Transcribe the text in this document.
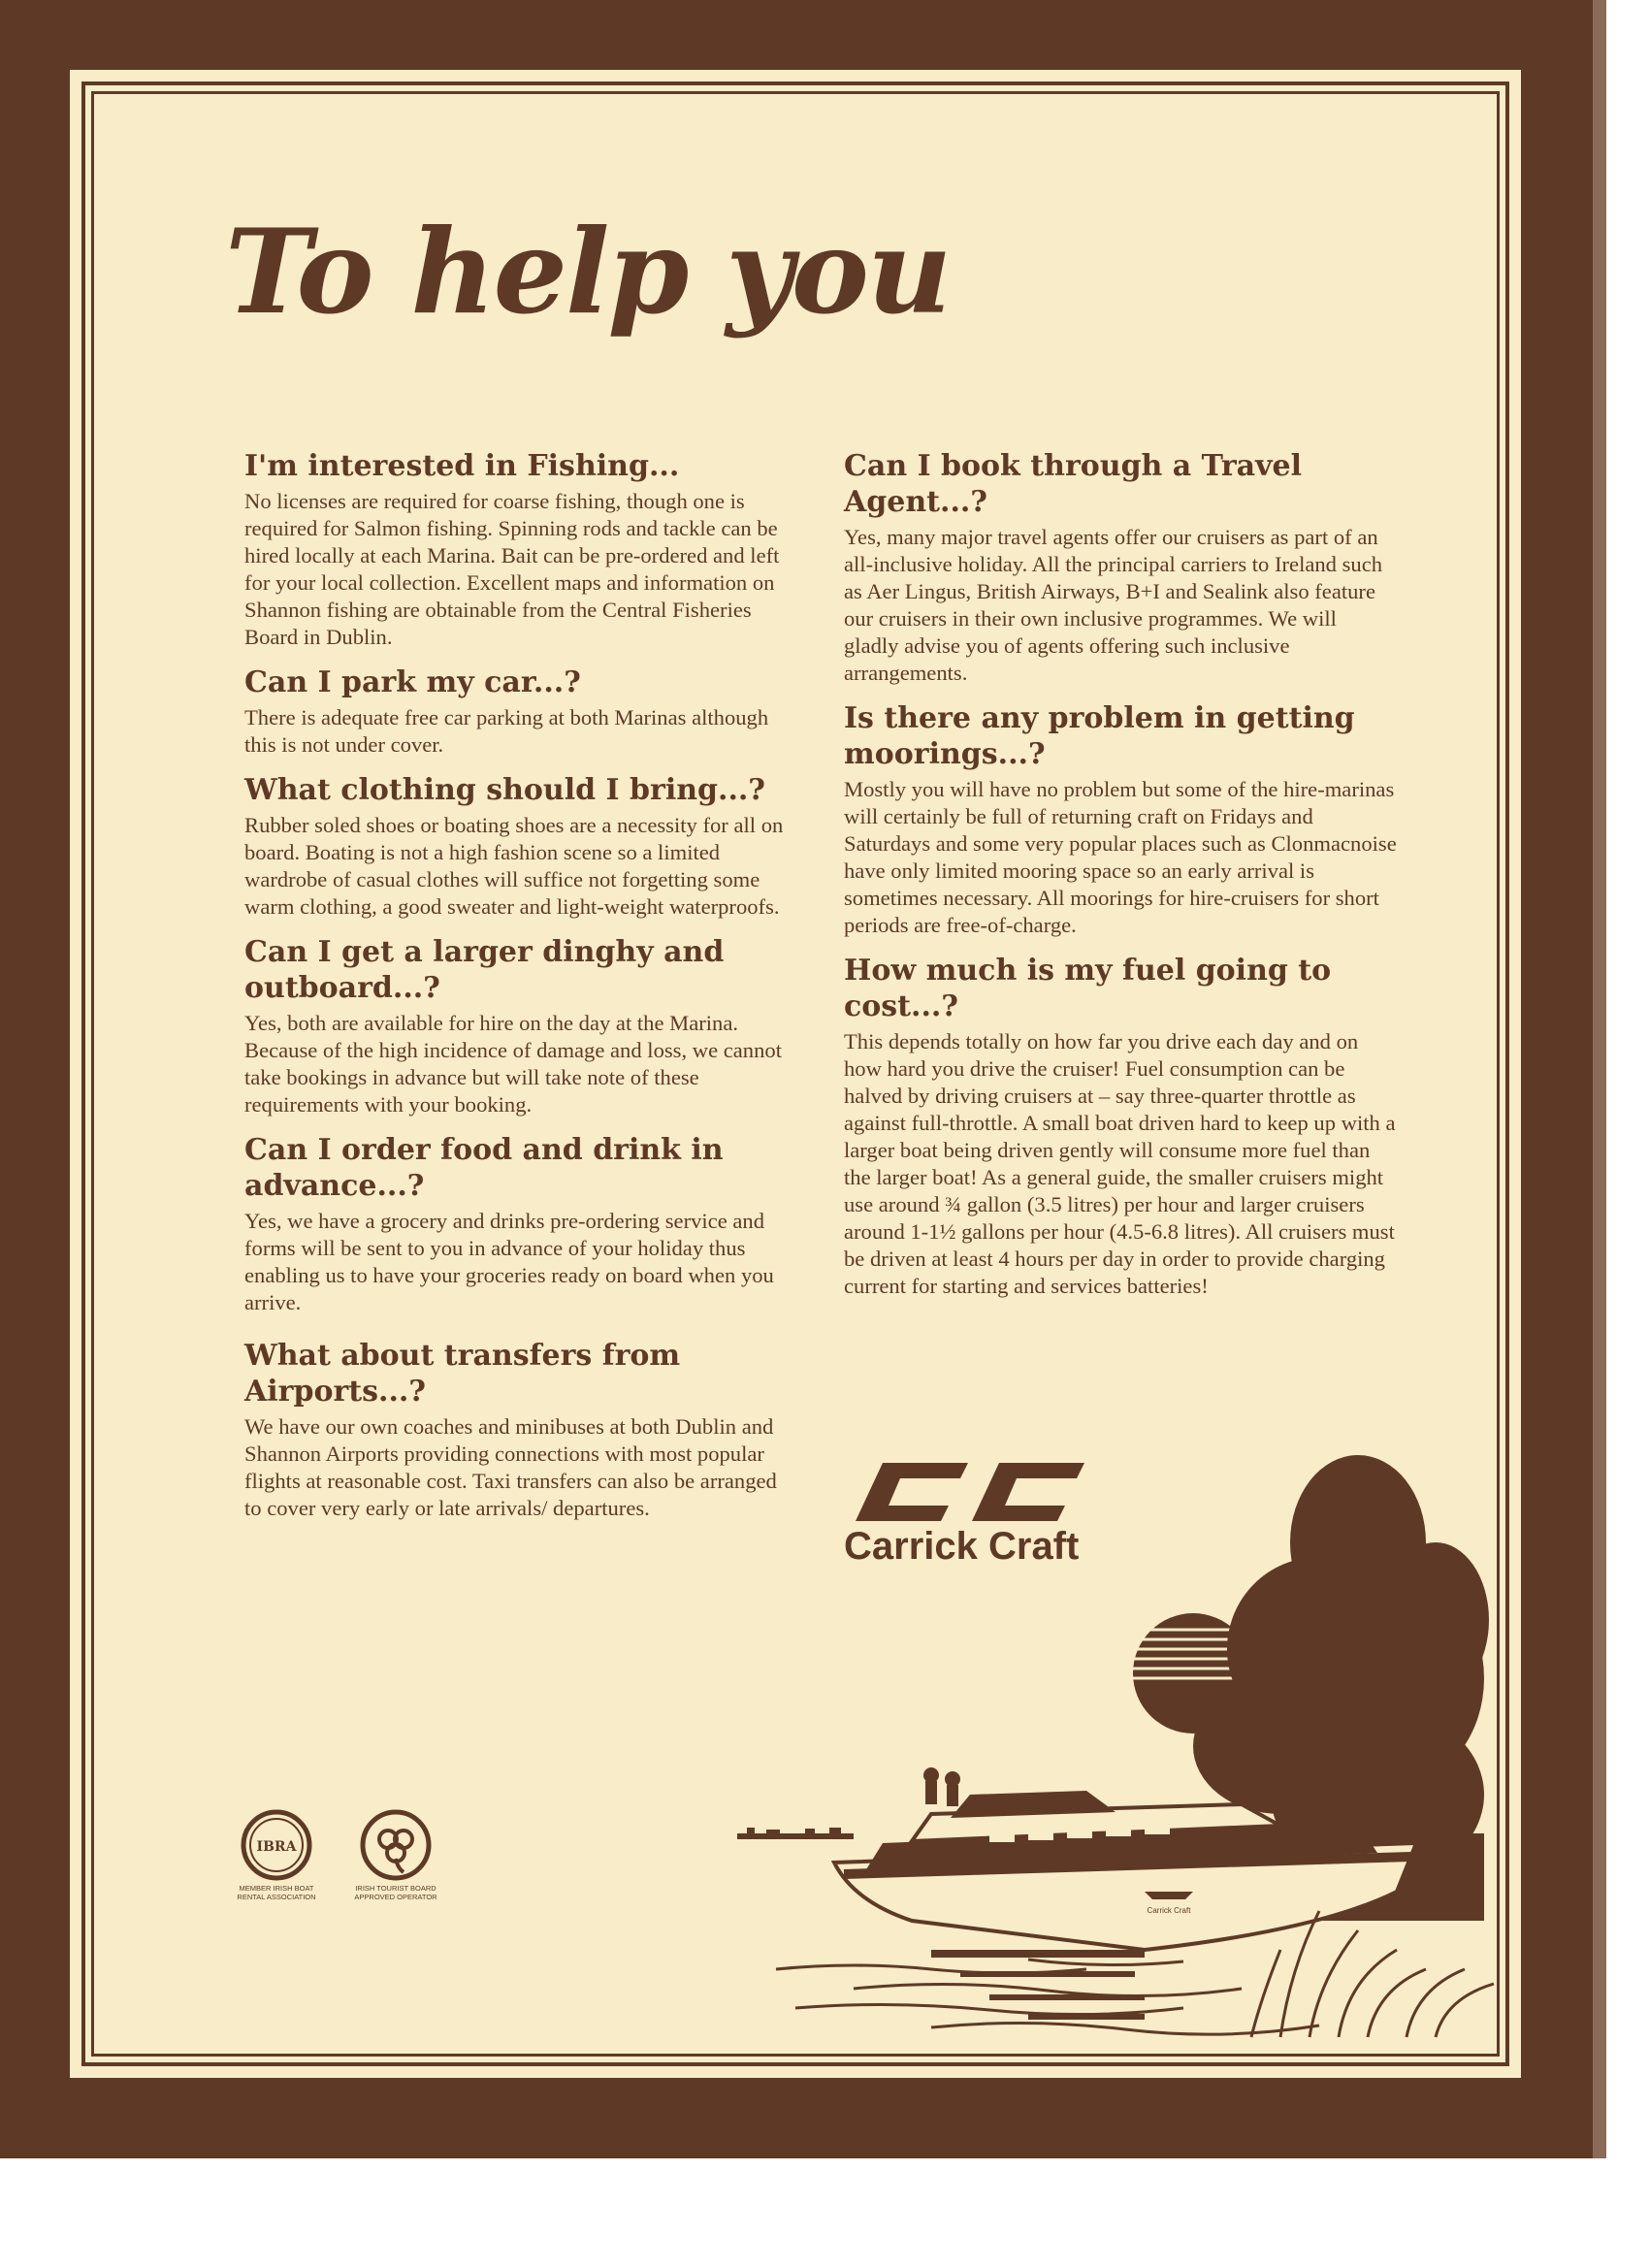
To help you
I'm interested in Fishing...

No licenses are required for coarse fishing, though one is required for Salmon fishing. Spinning rods and tackle can be hired locally at each Marina. Bait can be pre-ordered and left for your local collection. Excellent maps and information on Shannon fishing are obtainable from the Central Fisheries Board in Dublin.

Can I park my car...?

There is adequate free car parking at both Marinas although this is not under cover.

What clothing should I bring...?

Rubber soled shoes or boating shoes are a necessity for all on board. Boating is not a high fashion scene so a limited wardrobe of casual clothes will suffice not forgetting some warm clothing, a good sweater and light-weight waterproofs.

Can I get a larger dinghy and outboard...?

Yes, both are available for hire on the day at the Marina. Because of the high incidence of damage and loss, we cannot take bookings in advance but will take note of these requirements with your booking.

Can I order food and drink in advance...?

Yes, we have a grocery and drinks pre-ordering service and forms will be sent to you in advance of your holiday thus enabling us to have your groceries ready on board when you arrive.

What about transfers from Airports...?

We have our own coaches and minibuses at both Dublin and Shannon Airports providing connections with most popular flights at reasonable cost. Taxi transfers can also be arranged to cover very early or late arrivals/ departures.

Can I book through a Travel Agent...?

Yes, many major travel agents offer our cruisers as part of an all-inclusive holiday. All the principal carriers to Ireland such as Aer Lingus, British Airways, B+I and Sealink also feature our cruisers in their own inclusive programmes. We will gladly advise you of agents offering such inclusive arrangements.

Is there any problem in getting moorings...?

Mostly you will have no problem but some of the hire-marinas will certainly be full of returning craft on Fridays and Saturdays and some very popular places such as Clonmacnoise have only limited mooring space so an early arrival is sometimes necessary. All moorings for hire-cruisers for short periods are free-of-charge.

How much is my fuel going to cost...?

This depends totally on how far you drive each day and on how hard you drive the cruiser! Fuel consumption can be halved by driving cruisers at – say three-quarter throttle as against full-throttle. A small boat driven hard to keep up with a larger boat being driven gently will consume more fuel than the larger boat! As a general guide, the smaller cruisers might use around ¾ gallon (3.5 litres) per hour and larger cruisers around 1-1½ gallons per hour (4.5-6.8 litres). All cruisers must be driven at least 4 hours per day in order to provide charging current for starting and services batteries!

Carrick Craft
IBRA
MEMBER IRISH BOAT
RENTAL ASSOCIATION
IRISH TOURIST BOARD
APPROVED OPERATOR
Carrick Craft
